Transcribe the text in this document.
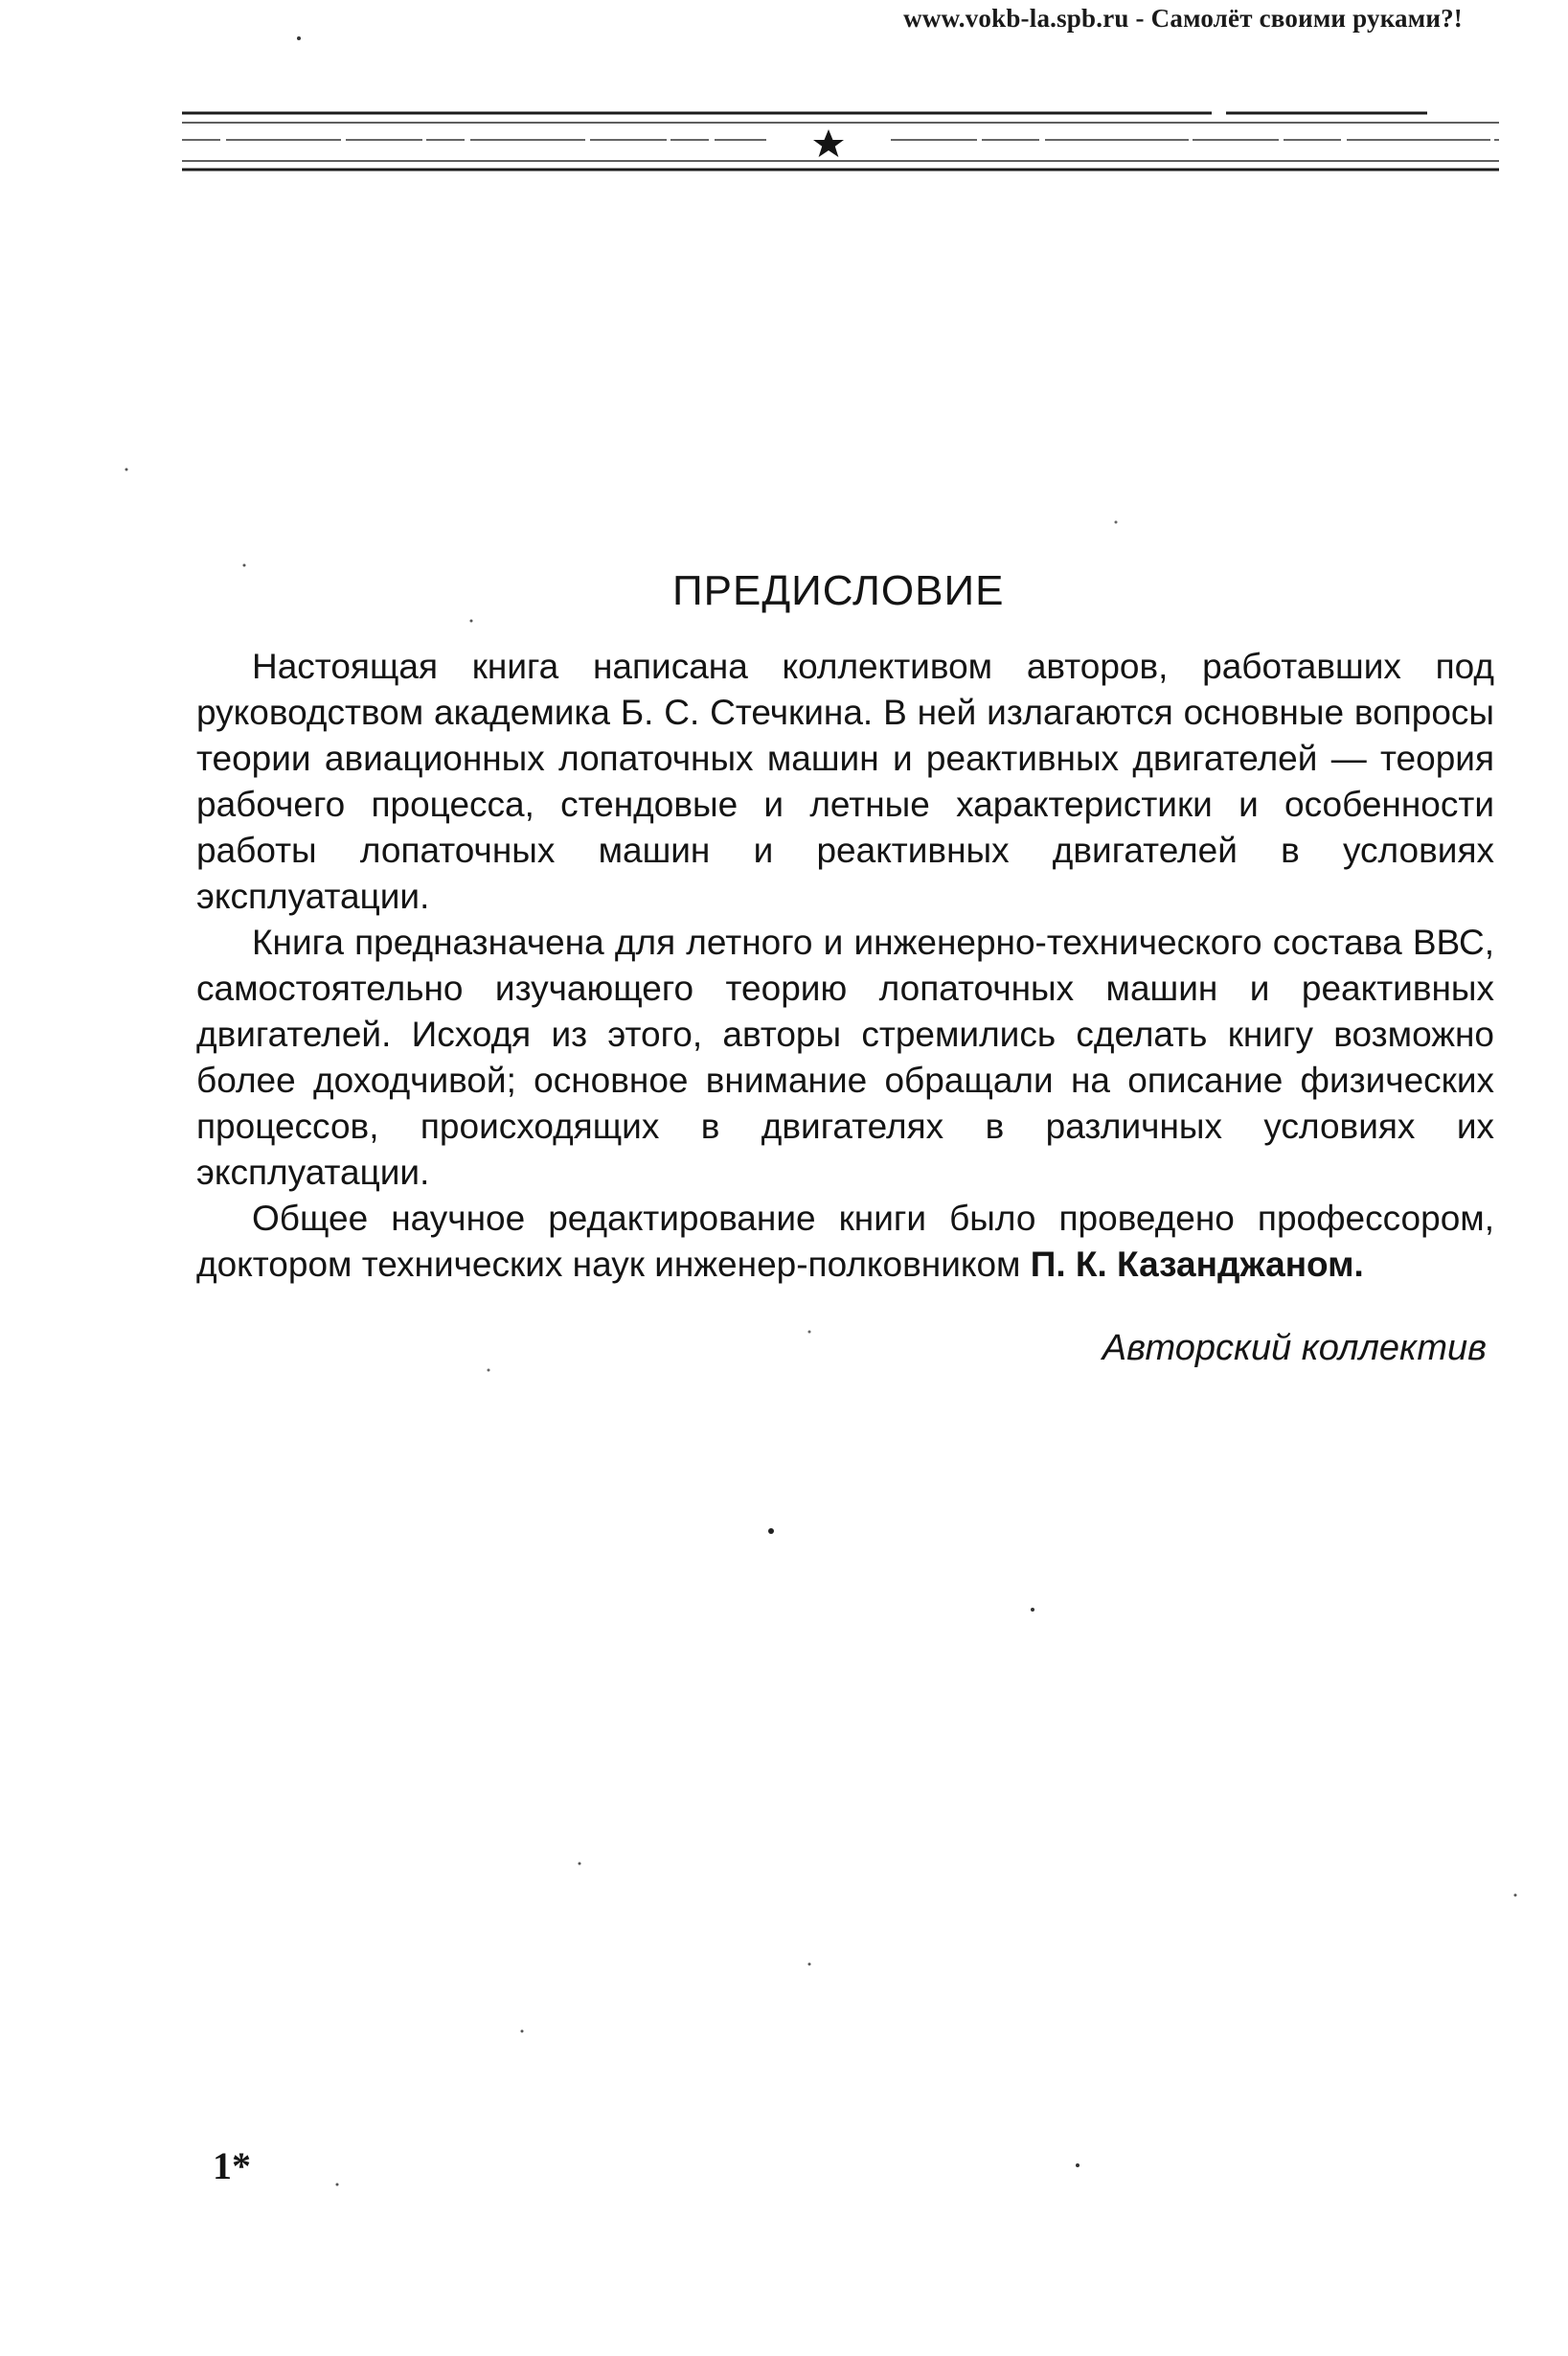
www.vokb-la.spb.ru - Самолёт своими руками?!
ПРЕДИСЛОВИЕ

Настоящая книга написана коллективом авторов, работавших под руководством академика Б. С. Стечкина. В ней излагаются основные вопросы теории авиационных лопаточных машин и реактивных двигателей — теория рабочего процесса, стендовые и летные характеристики и особенности работы лопаточных машин и реактивных двигателей в условиях эксплуатации.

Книга предназначена для летного и инженерно-технического состава ВВС, самостоятельно изучающего теорию лопаточных машин и реактивных двигателей. Исходя из этого, авторы стремились сделать книгу возможно более доходчивой; основное внимание обращали на описание физических процессов, происходящих в двигателях в различных условиях их эксплуатации.

Общее научное редактирование книги было проведено профессором, доктором технических наук инженер-полковником П. К. Казанджаном.

Авторский коллектив
1*
